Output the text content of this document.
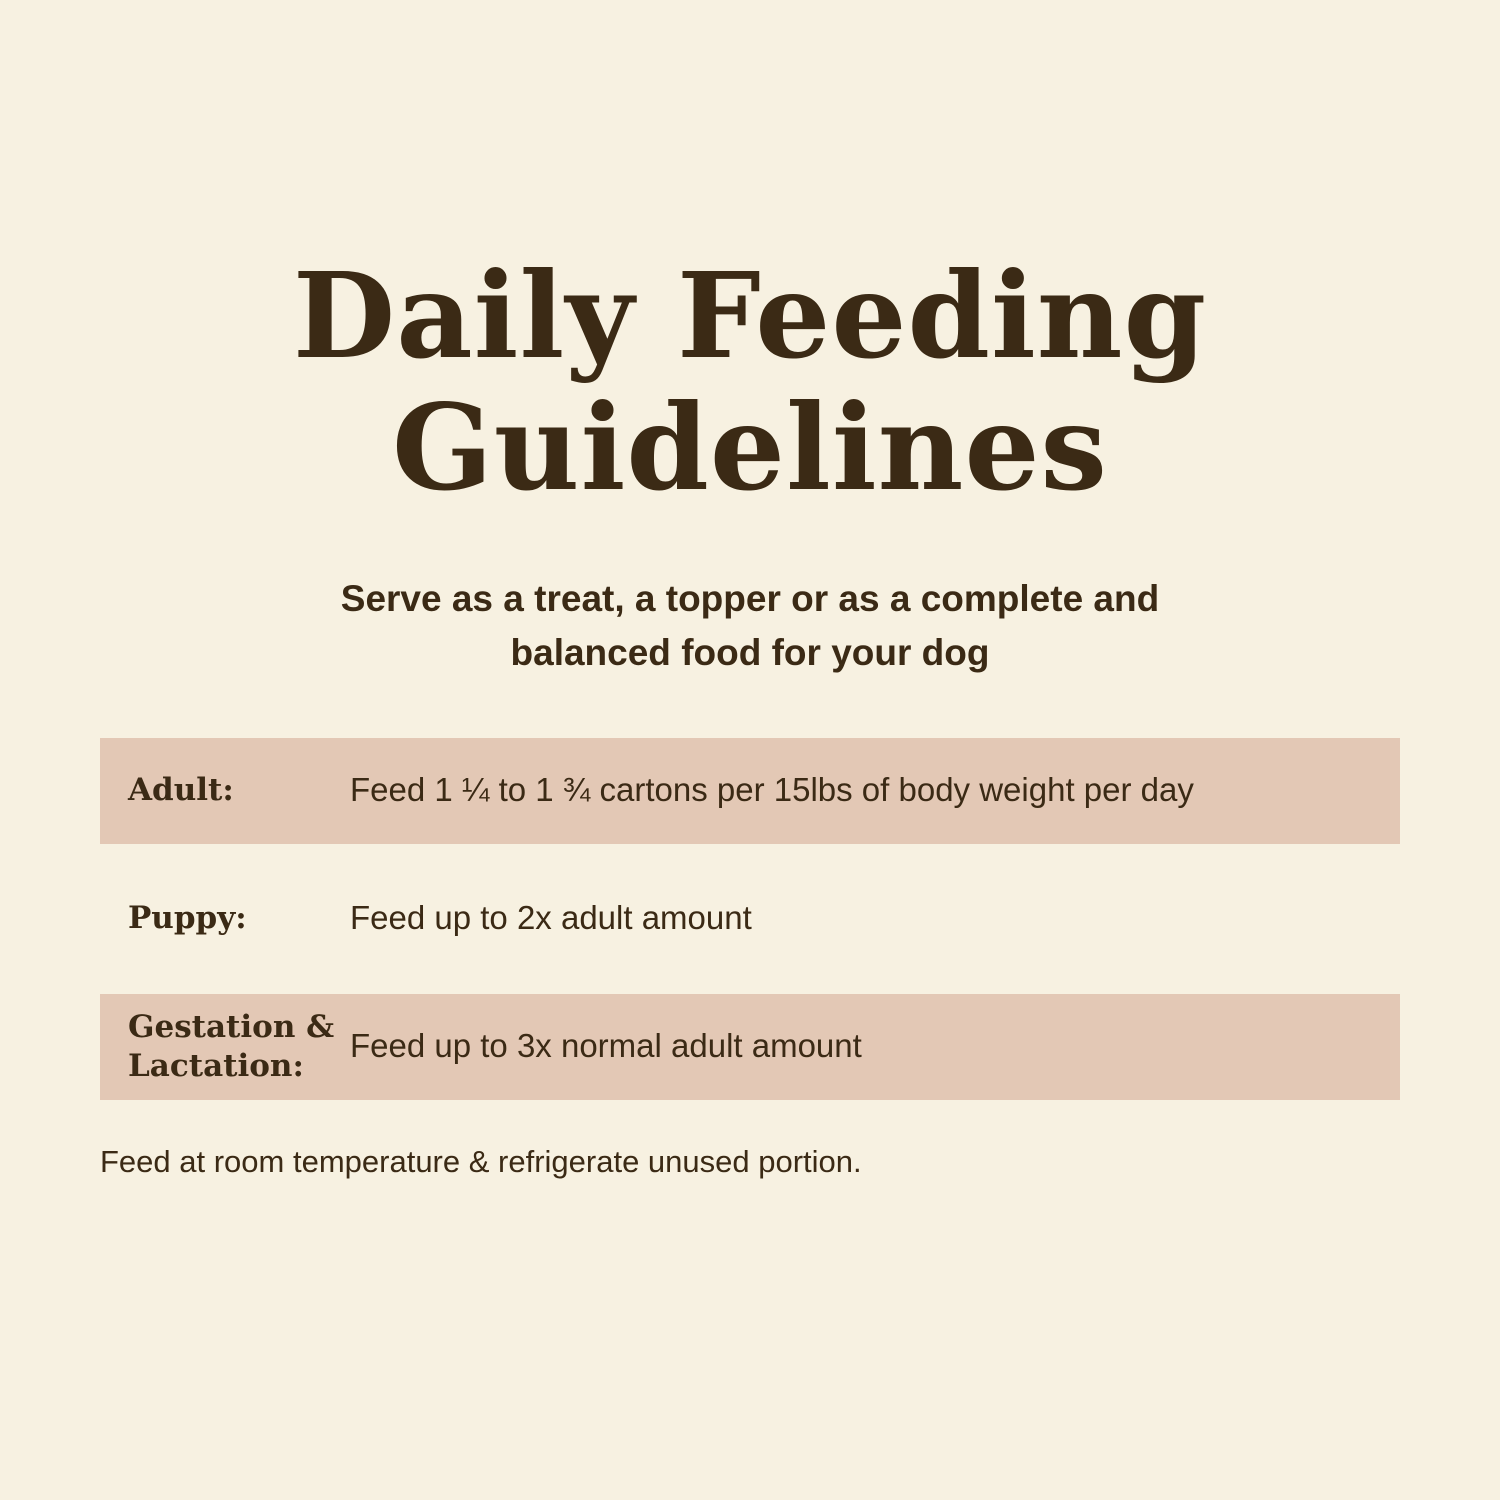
Daily Feeding
Guidelines

Serve as a treat, a topper or as a complete and
balanced food for your dog

Adult:	Feed 1 ¼ to 1 ¾ cartons per 15lbs of body weight per day
Puppy:	Feed up to 2x adult amount
Gestation &
Lactation:
Feed up to 3x normal adult amount

Feed at room temperature & refrigerate unused portion.
